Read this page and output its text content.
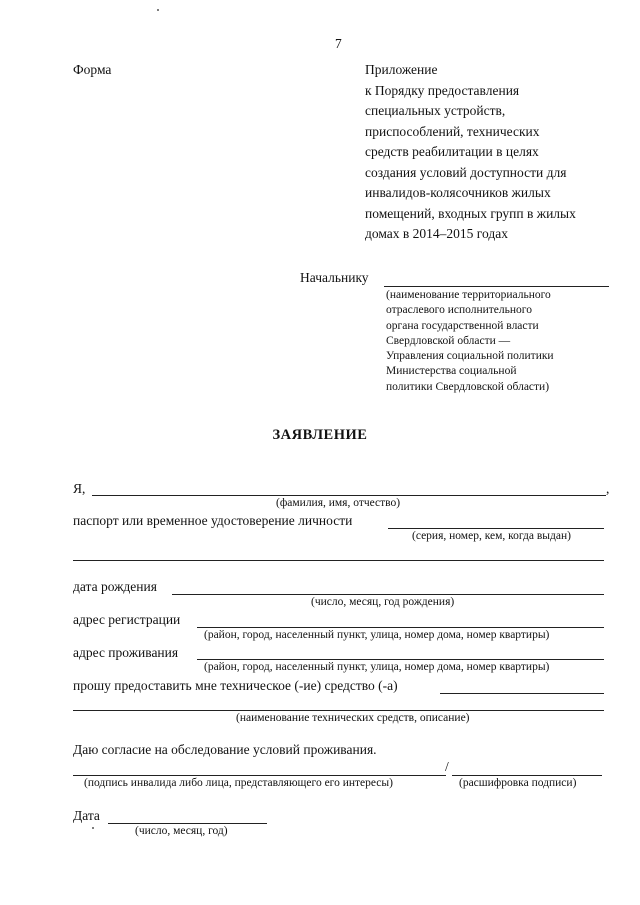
7
Форма	Приложение
к Порядку предоставления
специальных устройств,
приспособлений, технических
средств реабилитации в целях
создания условий доступности для
инвалидов-колясочников жилых
помещений, входных групп в жилых
домах в 2014–2015 годах
Начальнику
(наименование территориального
отраслевого исполнительного
органа государственной власти
Свердловской области —
Управления социальной политики
Министерства социальной
политики Свердловской области)
ЗАЯВЛЕНИЕ
Я,	,
(фамилия, имя, отчество)
паспорт или временное удостоверение личности
(серия, номер, кем, когда выдан)
дата рождения
(число, месяц, год рождения)
адрес регистрации
(район, город, населенный пункт, улица, номер дома, номер квартиры)
адрес проживания
(район, город, населенный пункт, улица, номер дома, номер квартиры)
прошу предоставить мне техническое (-ие) средство (-а)
(наименование технических средств, описание)
Даю согласие на обследование условий проживания.
/
(подпись инвалида либо лица, представляющего его интересы)	(расшифровка подписи)
Дата
(число, месяц, год)
